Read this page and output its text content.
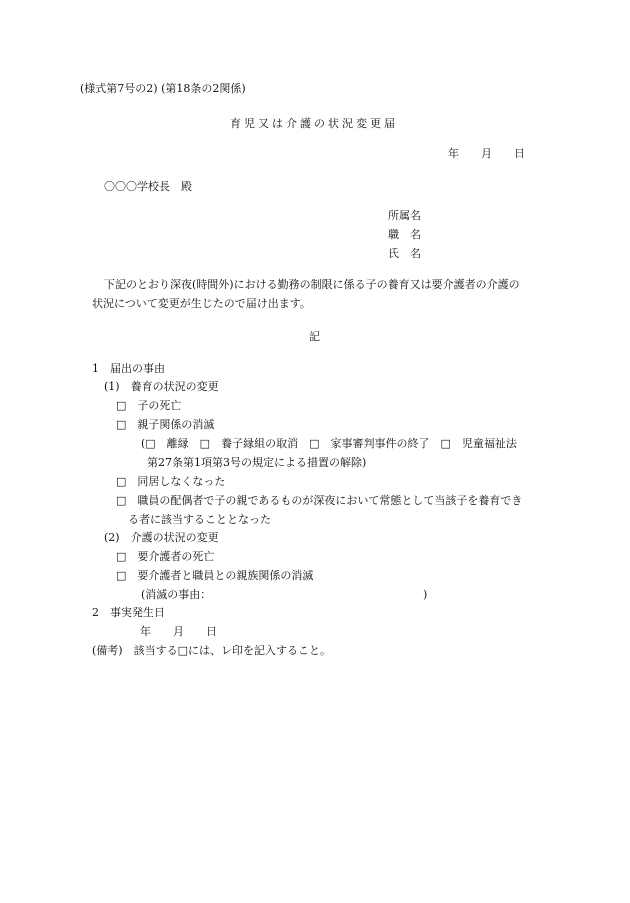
(様式第7号の2) (第18条の2関係)
育児又は介護の状況変更届
年　　月　　日
〇〇〇学校長　殿
所属名
職　名
氏　名
下記のとおり深夜(時間外)における勤務の制限に係る子の養育又は要介護者の介護の
状況について変更が生じたので届け出ます。
記
1　届出の事由
(1)　養育の状況の変更
□　子の死亡
□　親子関係の消滅
(□　離縁　□　養子縁組の取消　□　家事審判事件の終了　□　児童福祉法
第27条第1項第3号の規定による措置の解除)
□　同居しなくなった
□　職員の配偶者で子の親であるものが深夜において常態として当該子を養育でき
る者に該当することとなった
(2)　介護の状況の変更
□　要介護者の死亡
□　要介護者と職員との親族関係の消滅
(消滅の事由：	)
2　事実発生日
年　　月　　日
(備考)　該当する□には、レ印を記入すること。
